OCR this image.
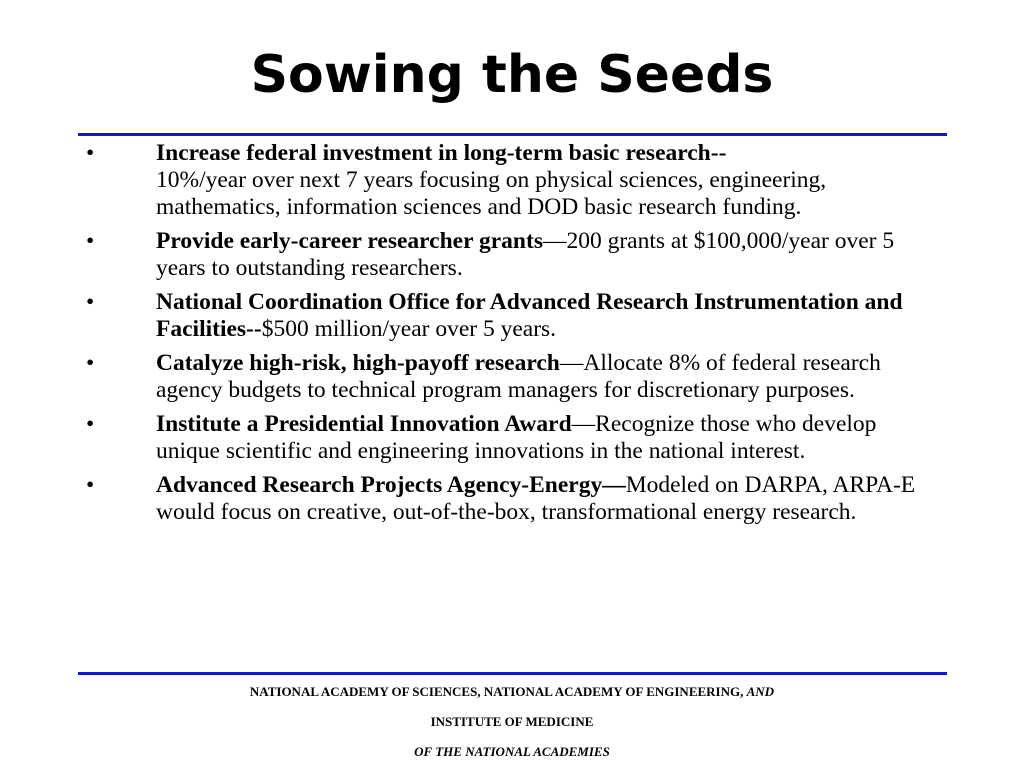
Sowing the Seeds
•	Increase federal investment in long-term basic research--
10%/year over next 7 years focusing on physical sciences, engineering, mathematics, information sciences and DOD basic research funding.
•	Provide early-career researcher grants—200 grants at $100,000/year over 5 years to outstanding researchers.
•	National Coordination Office for Advanced Research Instrumentation and Facilities--$500 million/year over 5 years.
•	Catalyze high-risk, high-payoff research—Allocate 8% of federal research agency budgets to technical program managers for discretionary purposes.
•	Institute a Presidential Innovation Award—Recognize those who develop unique scientific and engineering innovations in the national interest.
•	Advanced Research Projects Agency-Energy—Modeled on DARPA, ARPA-E would focus on creative, out-of-the-box, transformational energy research.
NATIONAL ACADEMY OF SCIENCES, NATIONAL ACADEMY OF ENGINEERING, AND
INSTITUTE OF MEDICINE
OF THE NATIONAL ACADEMIES
